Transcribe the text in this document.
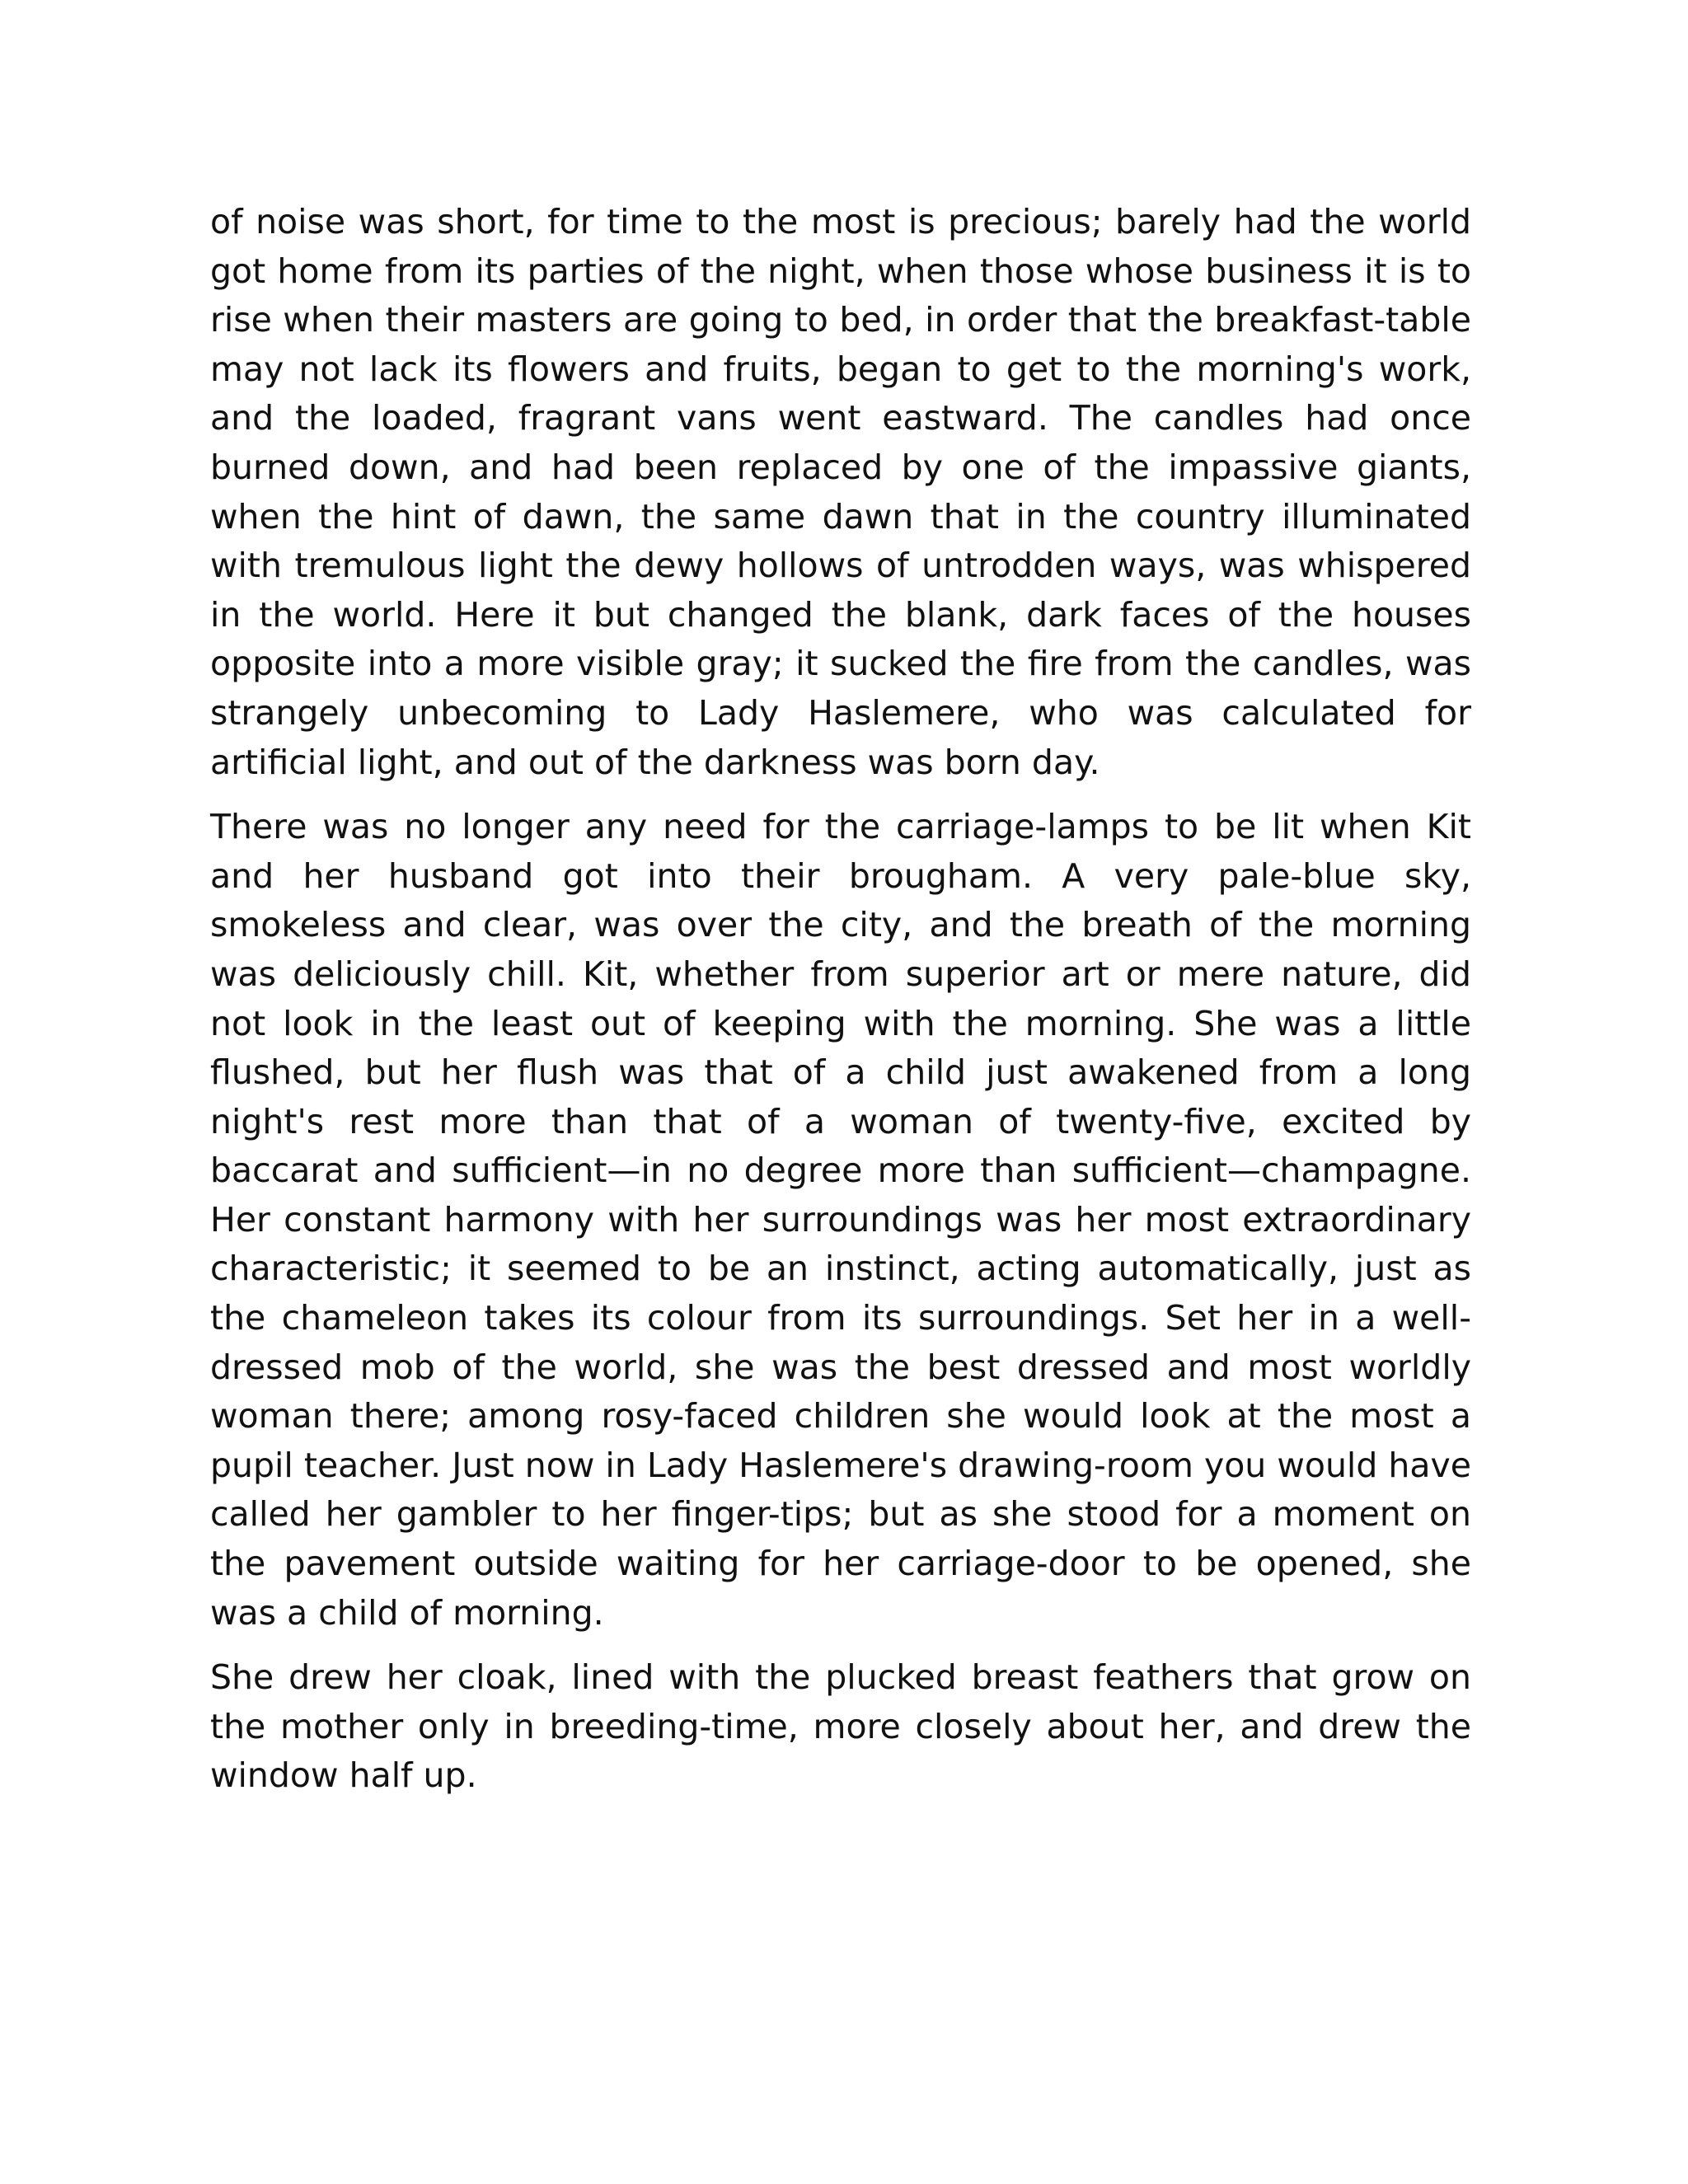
of noise was short, for time to the most is precious; barely had the world got home from its parties of the night, when those whose business it is to rise when their masters are going to bed, in order that the breakfast-table may not lack its flowers and fruits, began to get to the morning's work, and the loaded, fragrant vans went eastward. The candles had once burned down, and had been replaced by one of the impassive giants, when the hint of dawn, the same dawn that in the country illuminated with tremulous light the dewy hollows of untrodden ways, was whispered in the world. Here it but changed the blank, dark faces of the houses opposite into a more visible gray; it sucked the fire from the candles, was strangely unbecoming to Lady Haslemere, who was calculated for artificial light, and out of the darkness was born day.

There was no longer any need for the carriage-lamps to be lit when Kit and her husband got into their brougham. A very pale-blue sky, smokeless and clear, was over the city, and the breath of the morning was deliciously chill. Kit, whether from superior art or mere nature, did not look in the least out of keeping with the morning. She was a little flushed, but her flush was that of a child just awakened from a long night's rest more than that of a woman of twenty-five, excited by baccarat and sufficient—in no degree more than sufficient—champagne. Her constant harmony with her surroundings was her most extraordinary characteristic; it seemed to be an instinct, acting automatically, just as the chameleon takes its colour from its surroundings. Set her in a well-dressed mob of the world, she was the best dressed and most worldly woman there; among rosy-faced children she would look at the most a pupil teacher. Just now in Lady Haslemere's drawing-room you would have called her gambler to her finger-tips; but as she stood for a moment on the pavement outside waiting for her carriage-door to be opened, she was a child of morning.

She drew her cloak, lined with the plucked breast feathers that grow on the mother only in breeding-time, more closely about her, and drew the window half up.
